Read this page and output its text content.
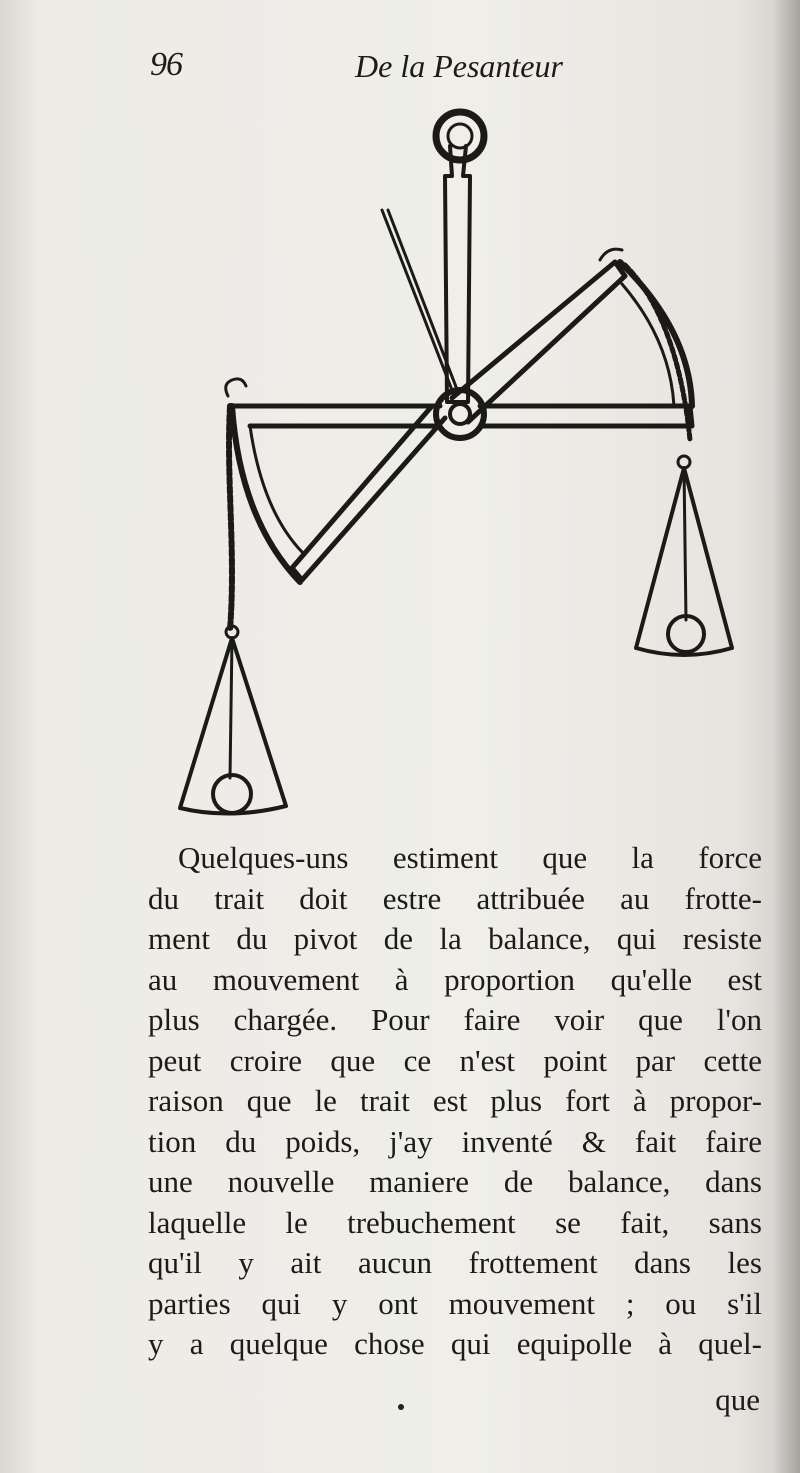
96	De la Pesanteur
Quelques-uns estiment que la force
du trait doit estre attribuée au frotte-
ment du pivot de la balance, qui resiste
au mouvement à proportion qu'elle est
plus chargée. Pour faire voir que l'on
peut croire que ce n'est point par cette
raison que le trait est plus fort à propor-
tion du poids, j'ay inventé & fait faire
une nouvelle maniere de balance, dans
laquelle le trebuchement se fait, sans
qu'il y ait aucun frottement dans les
parties qui y ont mouvement ; ou s'il
y a quelque chose qui equipolle à quel-
que
